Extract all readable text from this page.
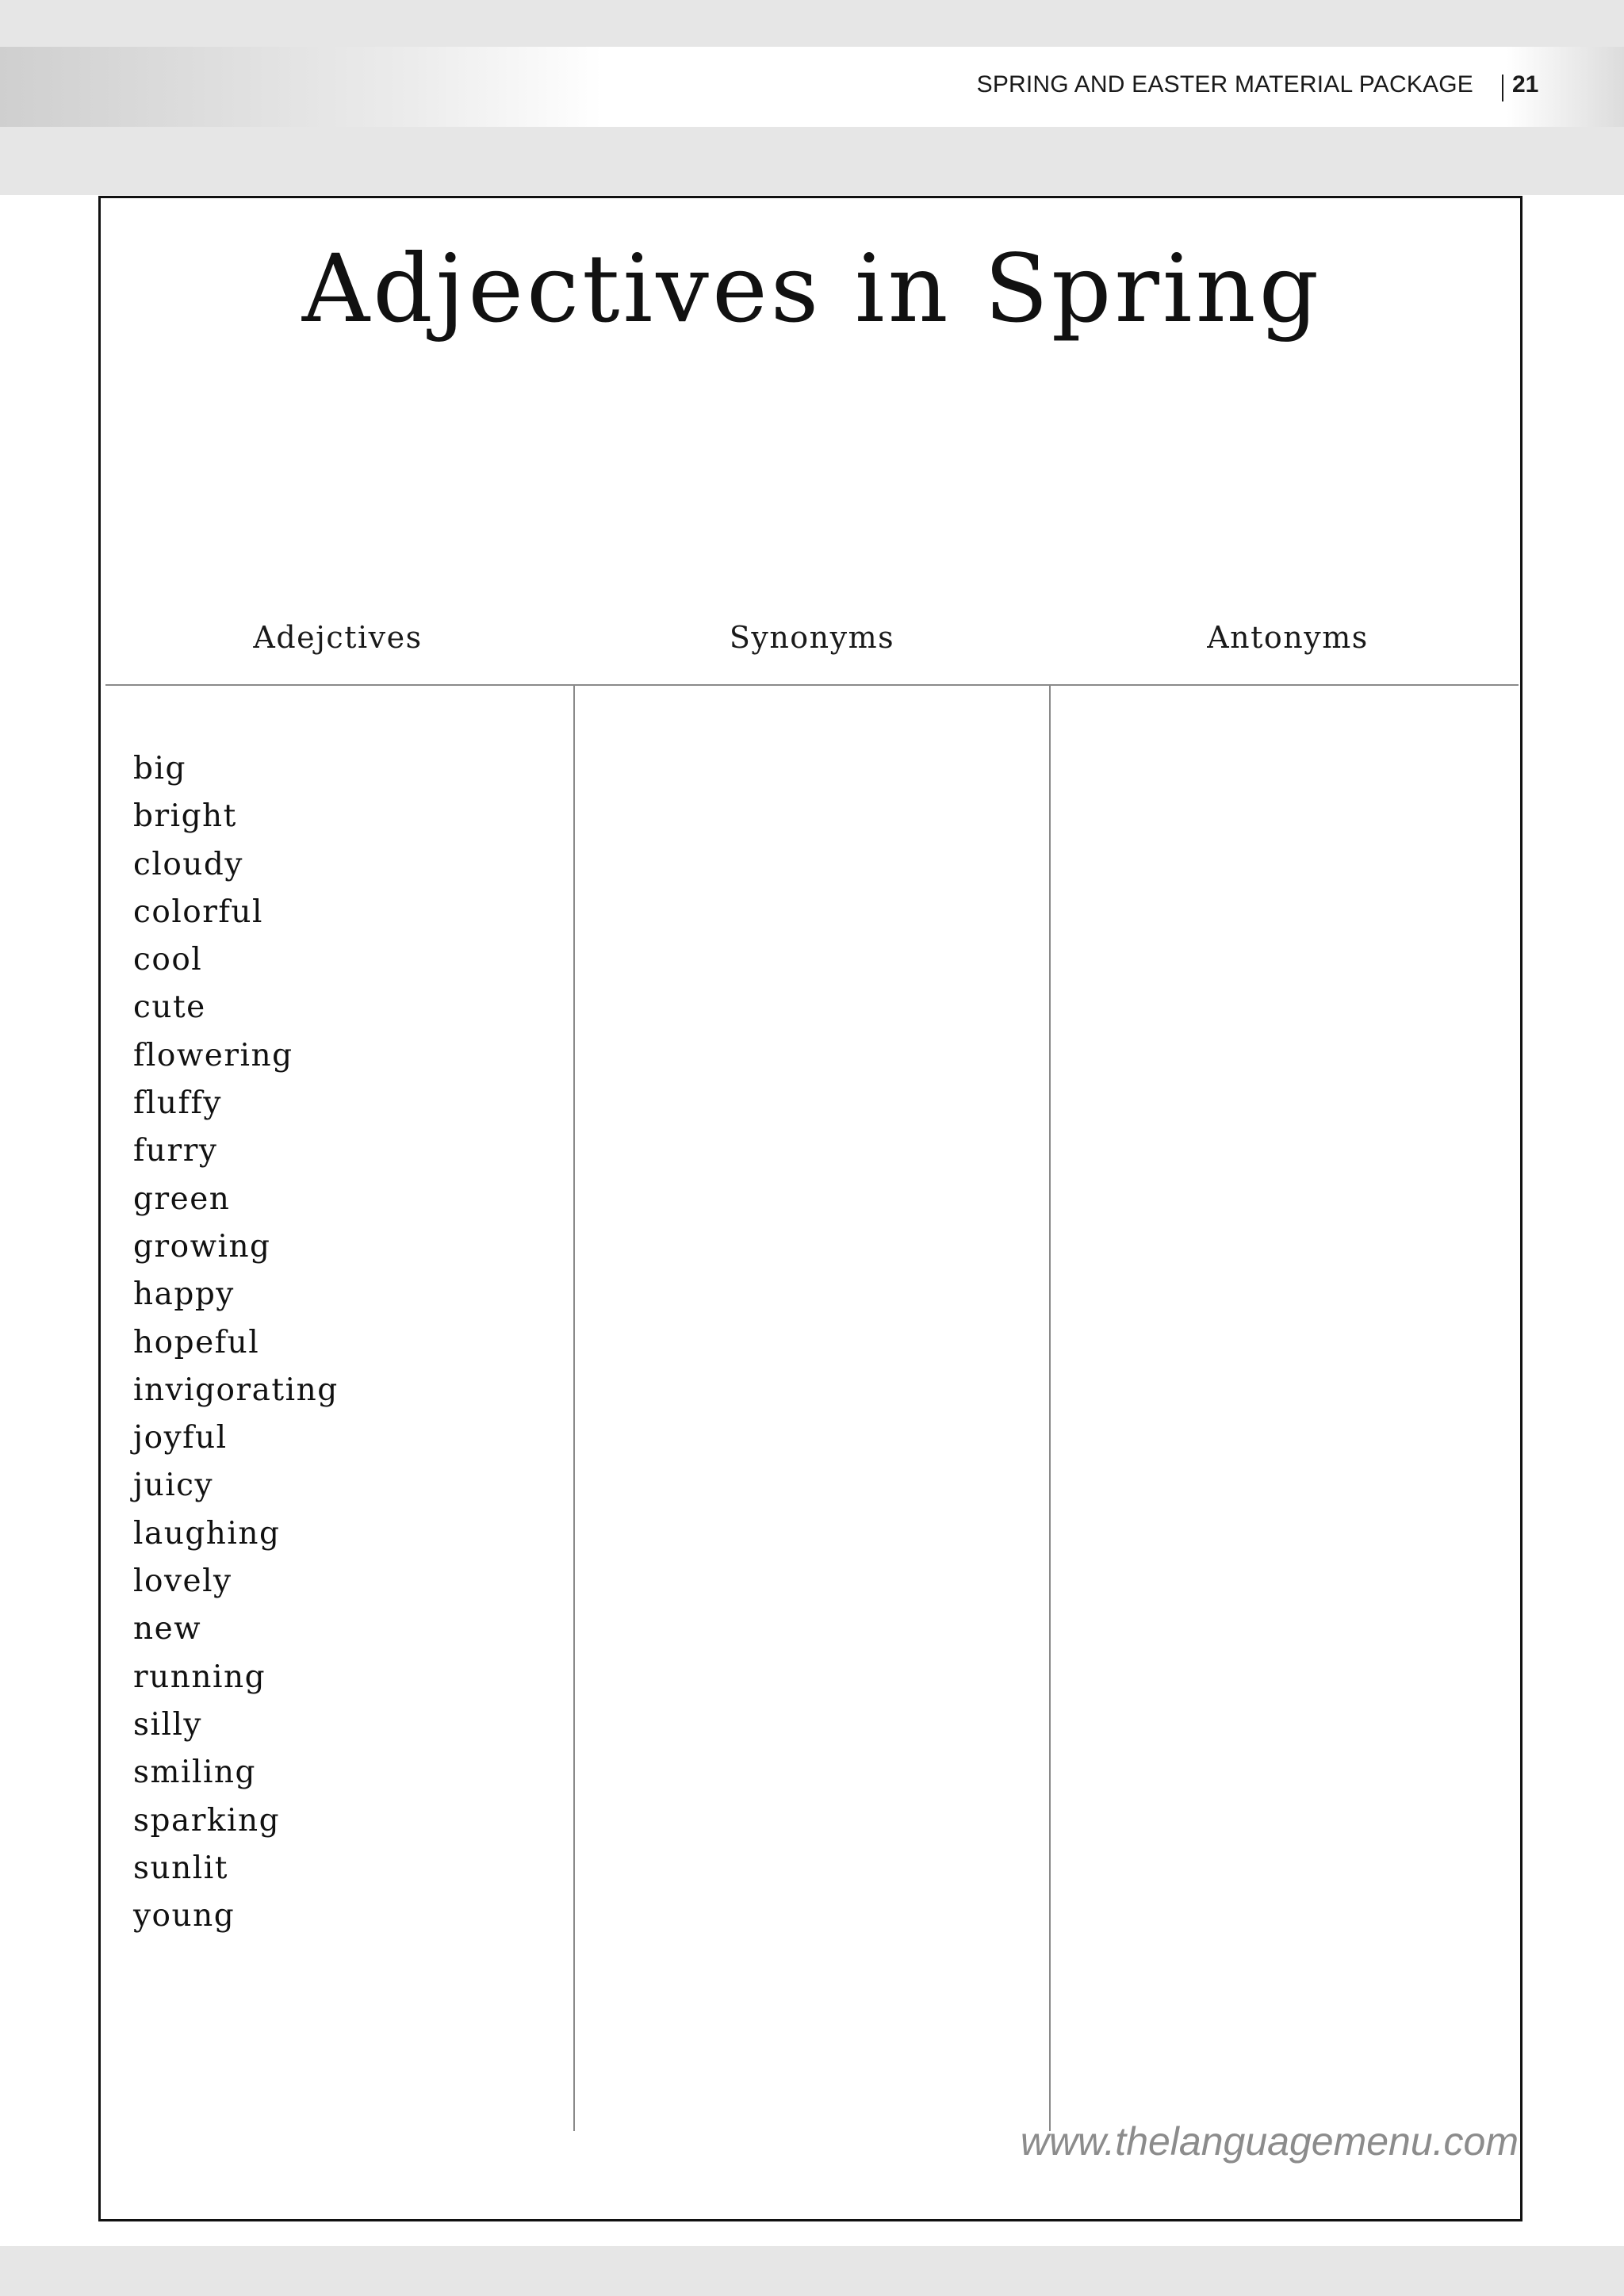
SPRING AND EASTER MATERIAL PACKAGE 21
Adjectives in Spring
Adejctives	Synonyms	Antonyms
big
bright
cloudy
colorful
cool
cute
flowering
fluffy
furry
green
growing
happy
hopeful
invigorating
joyful
juicy
laughing
lovely
new
running
silly
smiling
sparking
sunlit
young
www.thelanguagemenu.com
